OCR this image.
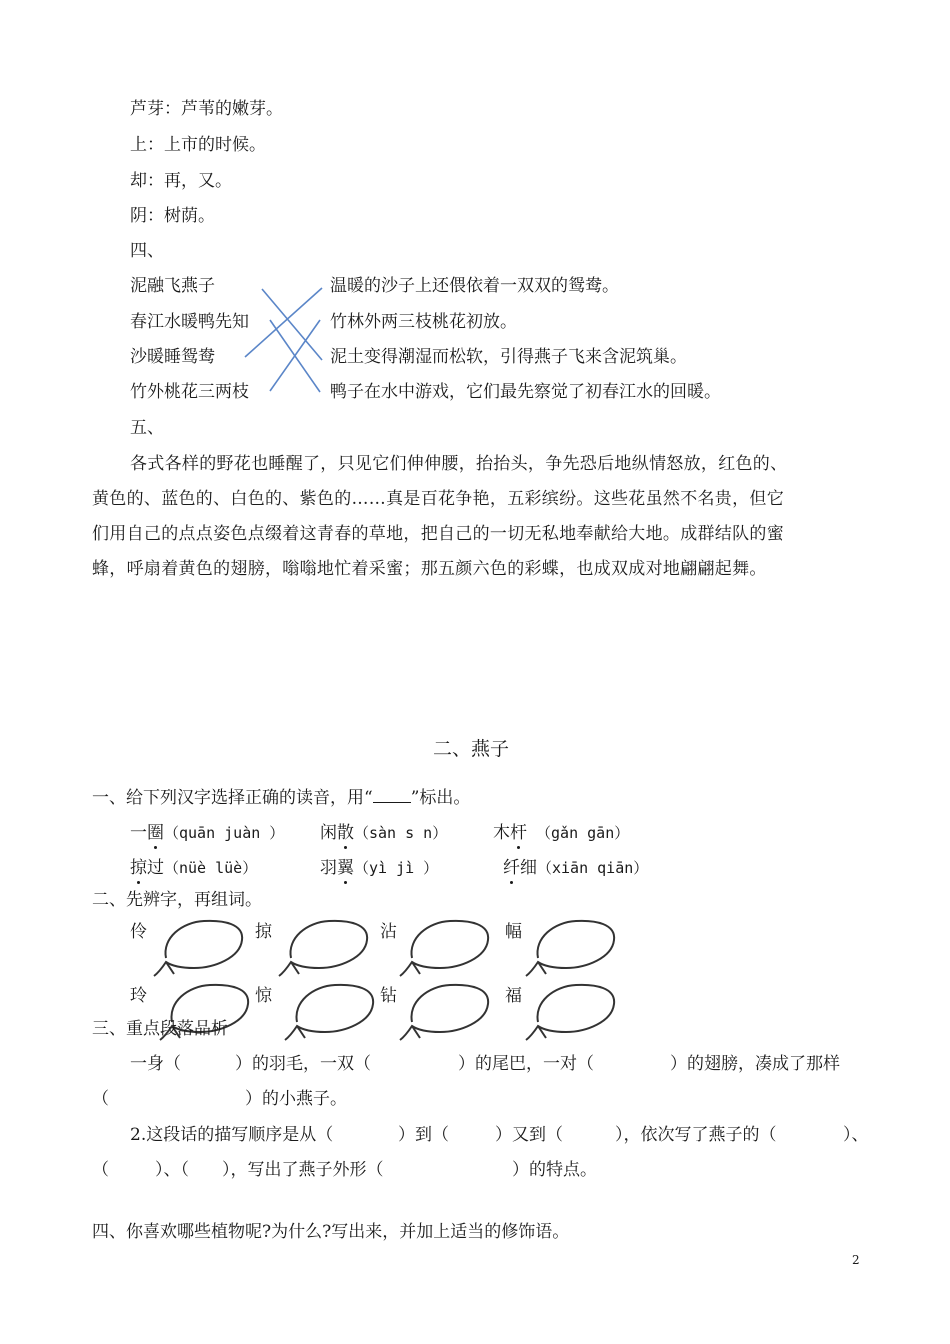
芦芽：芦苇的嫩芽。
上：上市的时候。
却：再，又。
阴：树荫。
四、
泥融飞燕子
春江水暖鸭先知
沙暖睡鸳鸯
竹外桃花三两枝
温暖的沙子上还偎依着一双双的鸳鸯。
竹林外两三枝桃花初放。
泥土变得潮湿而松软，引得燕子飞来含泥筑巢。
鸭子在水中游戏，它们最先察觉了初春江水的回暖。
五、
各式各样的野花也睡醒了，只见它们伸伸腰，抬抬头，争先恐后地纵情怒放，红色的、
黄色的、蓝色的、白色的、紫色的……真是百花争艳，五彩缤纷。这些花虽然不名贵，但它
们用自己的点点姿色点缀着这青春的草地，把自己的一切无私地奉献给大地。成群结队的蜜
蜂，呼扇着黄色的翅膀，嗡嗡地忙着采蜜；那五颜六色的彩蝶，也成双成对地翩翩起舞。
二、燕子
一、给下列汉字选择正确的读音，用“ ”标出。
一圈（quān juàn ） 闲散（sàn s n）	木杆 （gǎn gān）
掠过（nüè lüè）	羽翼（yì jì ）	纤细（xiān qiān）
二、先辨字，再组词。
伶	掠	沾	幅
玲	惊	钻	福
三、重点段落品析
一身（	）的羽毛，一双（	）的尾巴，一对（	）的翅膀，凑成了那样
（	）的小燕子。
2.这段话的描写顺序是从（	）到（	）又到（	），依次写了燕子的（	）、
（	）、（ ），写出了燕子外形（	）的特点。
四、你喜欢哪些植物呢?为什么?写出来，并加上适当的修饰语。
2
